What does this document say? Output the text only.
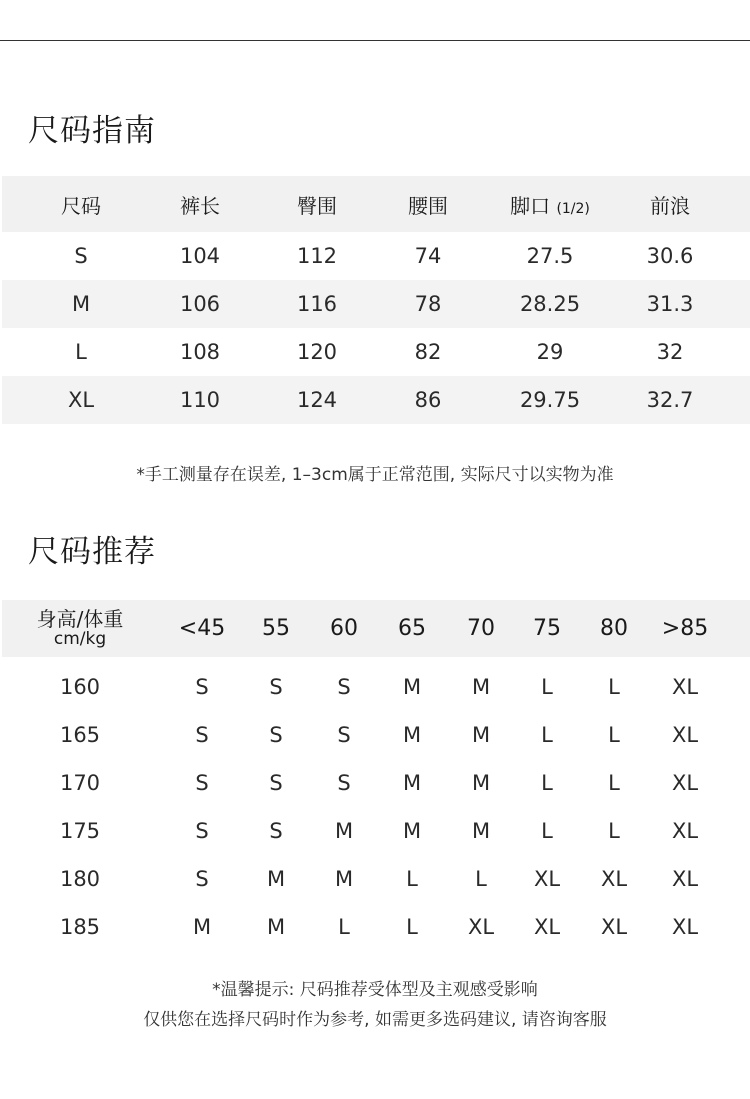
尺码指南
尺码	裤长	臀围	腰围	脚口 (1/2)	前浪
S	104	112	74	27.5	30.6
M	106	116	78	28.25	31.3
L	108	120	82	29	32
XL	110	124	86	29.75	32.7
*手工测量存在误差, 1–3cm属于正常范围, 实际尺寸以实物为准
尺码推荐
身高/体重
cm/kg	<45	55	60	65	70	75	80	>85
160	S	S	S	M	M	L	L	XL
165	S	S	S	M	M	L	L	XL
170	S	S	S	M	M	L	L	XL
175	S	S	M	M	M	L	L	XL
180	S	M	M	L	L	XL	XL	XL
185	M	M	L	L	XL	XL	XL	XL
*温馨提示: 尺码推荐受体型及主观感受影响
仅供您在选择尺码时作为参考, 如需更多选码建议, 请咨询客服
